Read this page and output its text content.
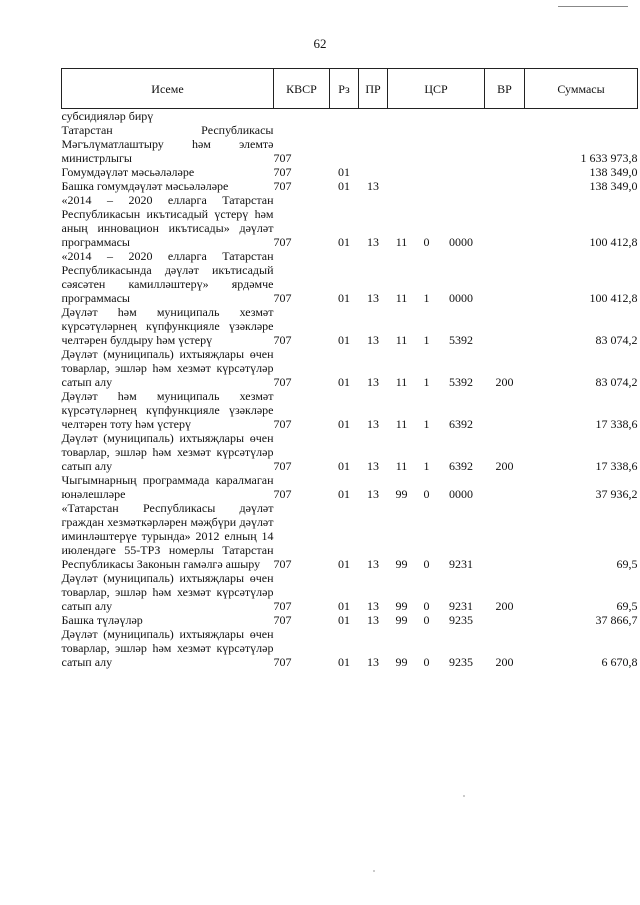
62
Исеме	КВСР	Рз	ПР	ЦСР			ВР	Суммасы
субсидияләр бирү								
Татарстан Республикасы Мәгълүматлаштыру һәм элемтә министрлыгы	707							1 633 973,8
Гомумдәүләт мәсьәләләре	707	01						138 349,0
Башка гомумдәүләт мәсьәләләре	707	01	13					138 349,0
«2014 – 2020 елларга Татарстан Республикасын икътисадый үстерү һәм аның инновацион икътисады» дәүләт программасы	707	01	13	11	0	0000		100 412,8
«2014 – 2020 елларга Татарстан Республикасында дәүләт икътисадый сәясәтен камилләштерү» ярдәмче программасы	707	01	13	11	1	0000		100 412,8
Дәүләт һәм муниципаль хезмәт күрсәтүләрнең күпфункцияле үзәкләре челтәрен булдыру һәм үстерү	707	01	13	11	1	5392		83 074,2
Дәүләт (муниципаль) ихтыяҗлары өчен товарлар, эшләр һәм хезмәт күрсәтүләр сатып алу	707	01	13	11	1	5392	200	83 074,2
Дәүләт һәм муниципаль хезмәт күрсәтүләрнең күпфункцияле үзәкләре челтәрен тоту һәм үстерү	707	01	13	11	1	6392		17 338,6
Дәүләт (муниципаль) ихтыяҗлары өчен товарлар, эшләр һәм хезмәт күрсәтүләр сатып алу	707	01	13	11	1	6392	200	17 338,6
Чыгымнарның программада каралмаган юнәлешләре	707	01	13	99	0	0000		37 936,2
«Татарстан Республикасы дәүләт граждан хезмәткәрләрен мәҗбүри дәүләт иминләштерүе турында» 2012 елның 14 июлендәге 55-ТРЗ номерлы Татарстан Республикасы Законын гамәлгә ашыру	707	01	13	99	0	9231		69,5
Дәүләт (муниципаль) ихтыяҗлары өчен товарлар, эшләр һәм хезмәт күрсәтүләр сатып алу	707	01	13	99	0	9231	200	69,5
Башка түләүләр	707	01	13	99	0	9235		37 866,7
Дәүләт (муниципаль) ихтыяҗлары өчен товарлар, эшләр һәм хезмәт күрсәтүләр сатып алу	707	01	13	99	0	9235	200	6 670,8
